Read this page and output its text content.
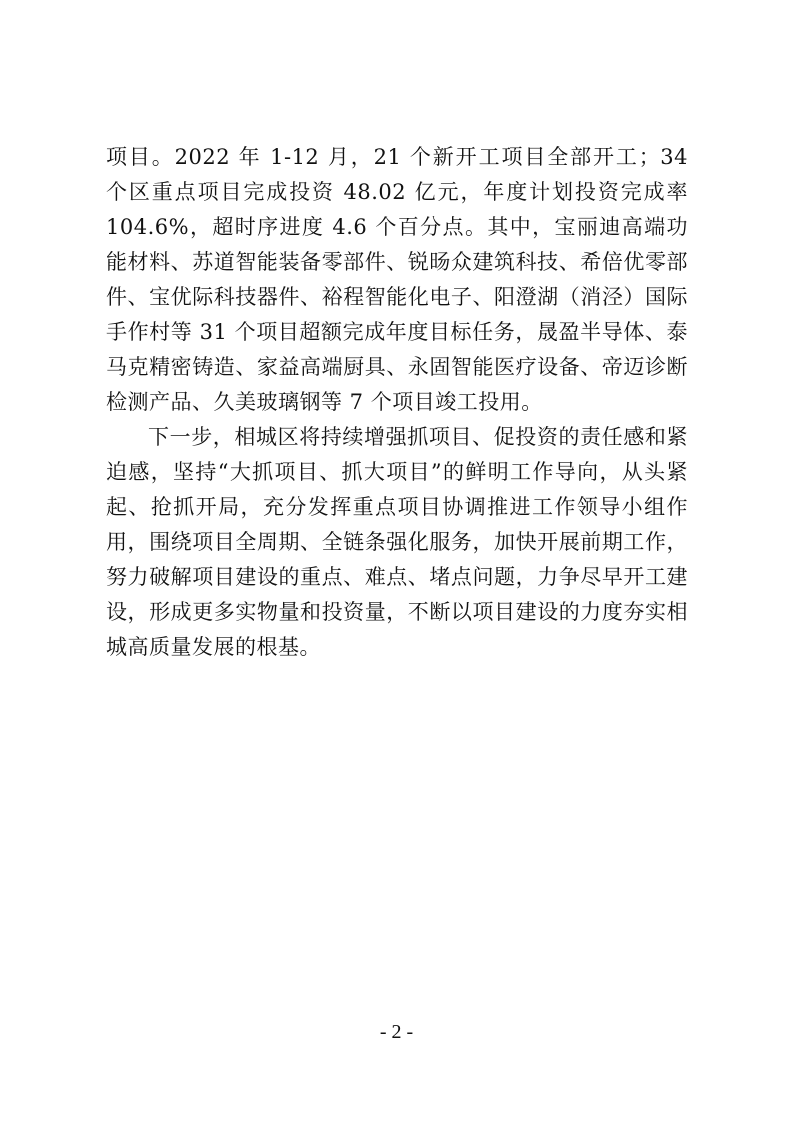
项目。2022 年 1-12 月，21 个新开工项目全部开工；34 个区重点项目完成投资 48.02 亿元，年度计划投资完成率 104.6%，超时序进度 4.6 个百分点。其中，宝丽迪高端功能材料、苏道智能装备零部件、锐旸众建筑科技、希倍优零部件、宝优际科技器件、裕程智能化电子、阳澄湖（消泾）国际手作村等 31 个项目超额完成年度目标任务，晟盈半导体、泰马克精密铸造、家益高端厨具、永固智能医疗设备、帝迈诊断检测产品、久美玻璃钢等 7 个项目竣工投用。

下一步，相城区将持续增强抓项目、促投资的责任感和紧迫感，坚持“大抓项目、抓大项目”的鲜明工作导向，从头紧起、抢抓开局，充分发挥重点项目协调推进工作领导小组作用，围绕项目全周期、全链条强化服务，加快开展前期工作，努力破解项目建设的重点、难点、堵点问题，力争尽早开工建设，形成更多实物量和投资量，不断以项目建设的力度夯实相城高质量发展的根基。

- 2 -
